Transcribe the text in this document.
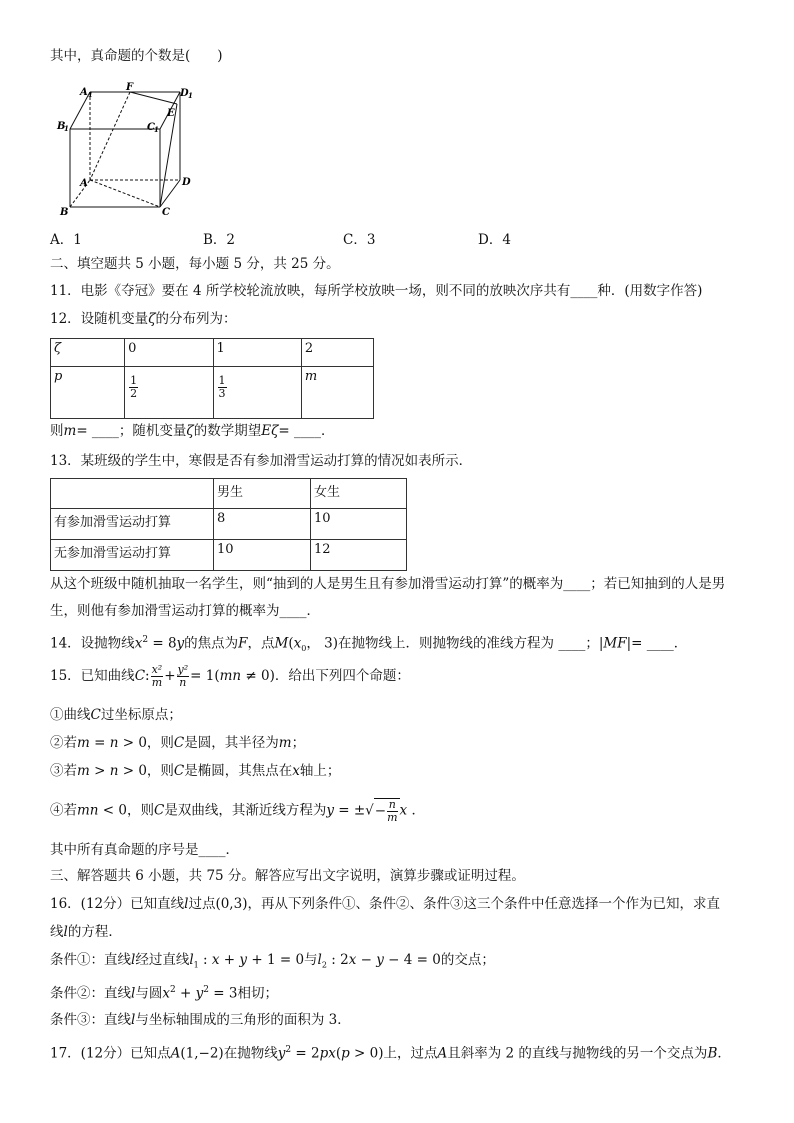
其中，真命题的个数是(　　)
A 1
F
D 1
B
1
E
C 1
A	D
B	C
A．1	B．2	C．3	D．4
二、填空题共 5 小题，每小题 5 分，共 25 分。
11．电影《夺冠》要在 4 所学校轮流放映，每所学校放映一场，则不同的放映次序共有____种．(用数字作答)
12．设随机变量ζ的分布列为：
ζ	0	1	2
p	$\frac{1}{2}$	$\frac{1}{3}$	m
则m= ____；随机变量ζ的数学期望Eζ= ____．
13．某班级的学生中，寒假是否有参加滑雪运动打算的情况如表所示．
	男生	女生
有参加滑雪运动打算	8	10
无参加滑雪运动打算	10	12
从这个班级中随机抽取一名学生，则“抽到的人是男生且有参加滑雪运动打算”的概率为____；若已知抽到的人是男
生，则他有参加滑雪运动打算的概率为____．
14．设抛物线$x^2 = 8y$的焦点为F，点$M(x_0$， 3)在抛物线上．则抛物线的准线方程为 ____；|MF|= ____．
15．已知曲线C: $\frac{\text{x²}}{m} + \frac{\text{y²}}{n} = 1(mn \ne 0)$．给出下列四个命题：
①曲线C过坐标原点；
②若m = n > 0，则C是圆，其半径为m；
③若m > n > 0，则C是椭圆，其焦点在x轴上；
④若mn < 0，则C是双曲线，其渐近线方程为y = ±√− $\frac{n}{m}$ x ．
其中所有真命题的序号是____．
三、解答题共 6 小题，共 75 分。解答应写出文字说明，演算步骤或证明过程。
16．(12分）已知直线l过点(0,3)，再从下列条件①、条件②、条件③这三个条件中任意选择一个作为已知，求直
线l的方程．
条件①：直线l经过直线$l_1$ : x + y + 1 = 0与$l_2$ : 2x − y − 4 = 0的交点；
条件②：直线l与圆$x^2 + y^2 = 3$相切；
条件③：直线l与坐标轴围成的三角形的面积为 3．
17．(12分）已知点A(1,−2)在抛物线$y^2 = 2px(p > 0)$上，过点A且斜率为 2 的直线与抛物线的另一个交点为B．
